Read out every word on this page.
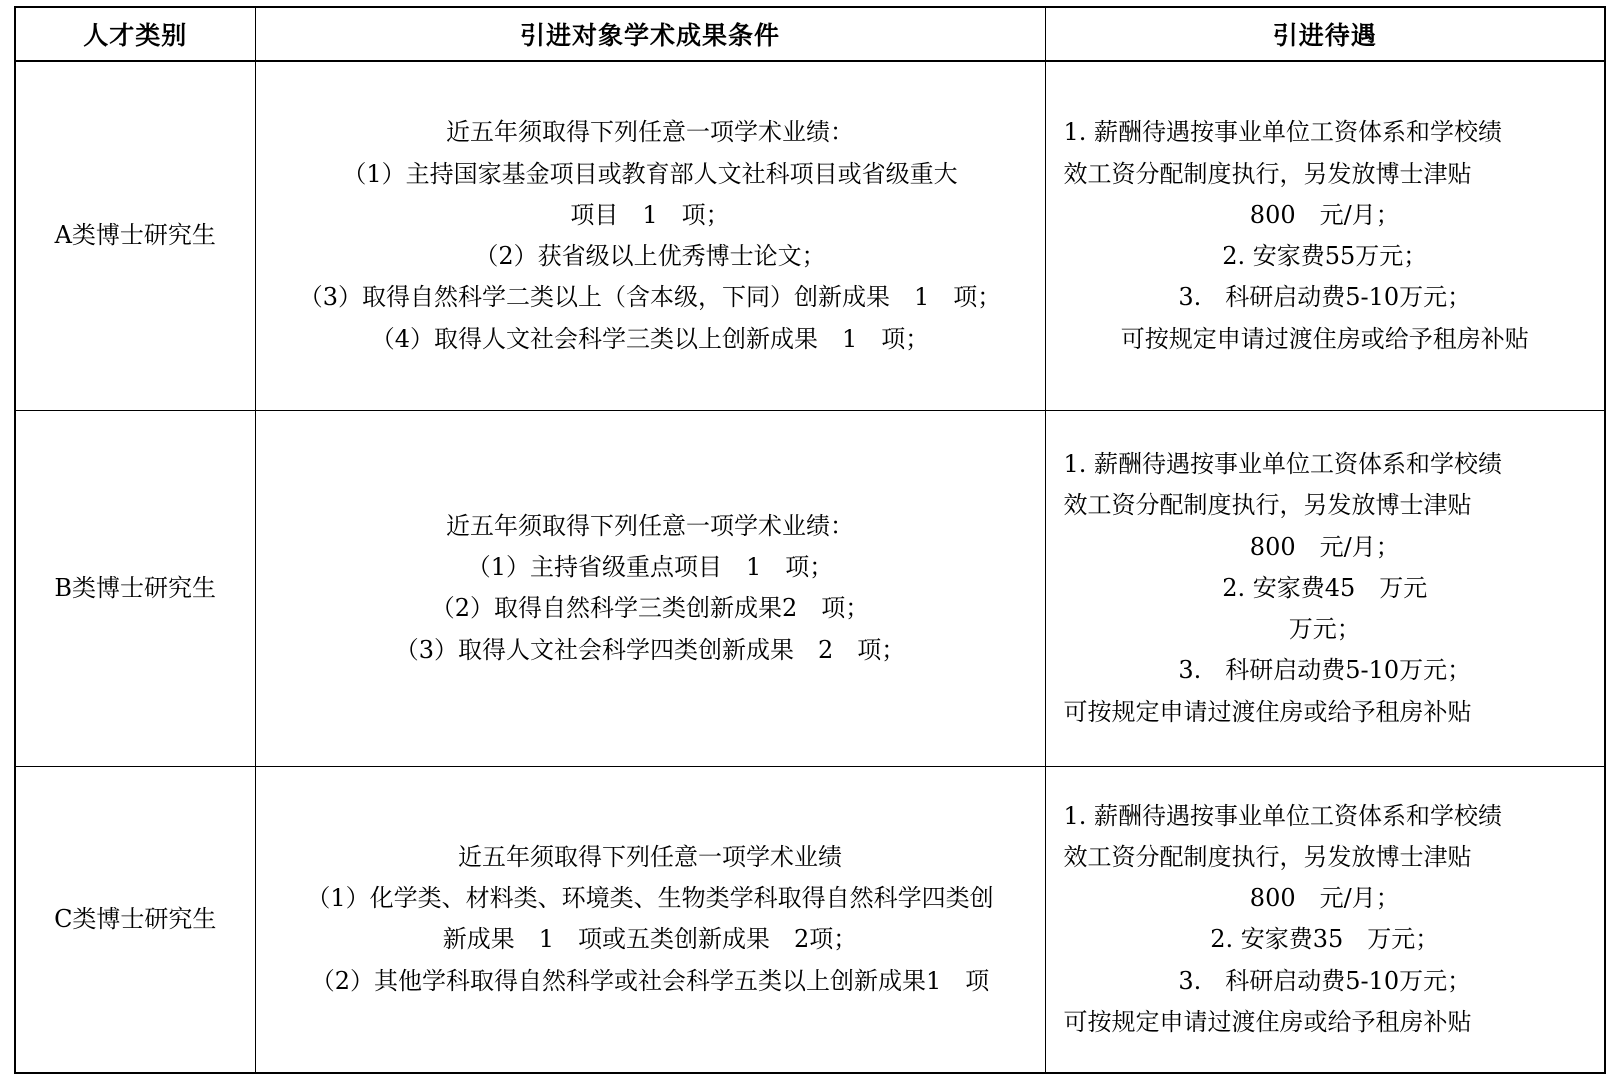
人才类别	引进对象学术成果条件	引进待遇
A类博士研究生	
近五年须取得下列任意一项学术业绩：
（1）主持国家基金项目或教育部人文社科项目或省级重大
项目　1　项；
（2）获省级以上优秀博士论文；
（3）取得自然科学二类以上（含本级，下同）创新成果　1　项；
（4）取得人文社会科学三类以上创新成果　1　项；

1. 薪酬待遇按事业单位工资体系和学校绩
效工资分配制度执行，另发放博士津贴
800　元/月；
2. 安家费55万元；
3.　科研启动费5-10万元；
可按规定申请过渡住房或给予租房补贴

B类博士研究生	
近五年须取得下列任意一项学术业绩：
（1）主持省级重点项目　1　项；
（2）取得自然科学三类创新成果2　项；
（3）取得人文社会科学四类创新成果　2　项；

1. 薪酬待遇按事业单位工资体系和学校绩
效工资分配制度执行，另发放博士津贴
800　元/月；
2. 安家费45　万元
万元；
3.　科研启动费5-10万元；
可按规定申请过渡住房或给予租房补贴

C类博士研究生	
近五年须取得下列任意一项学术业绩
（1）化学类、材料类、环境类、生物类学科取得自然科学四类创
新成果　1　项或五类创新成果　2项；
（2）其他学科取得自然科学或社会科学五类以上创新成果1　项

1. 薪酬待遇按事业单位工资体系和学校绩
效工资分配制度执行，另发放博士津贴
800　元/月；
2. 安家费35　万元；
3.　科研启动费5-10万元；
可按规定申请过渡住房或给予租房补贴
